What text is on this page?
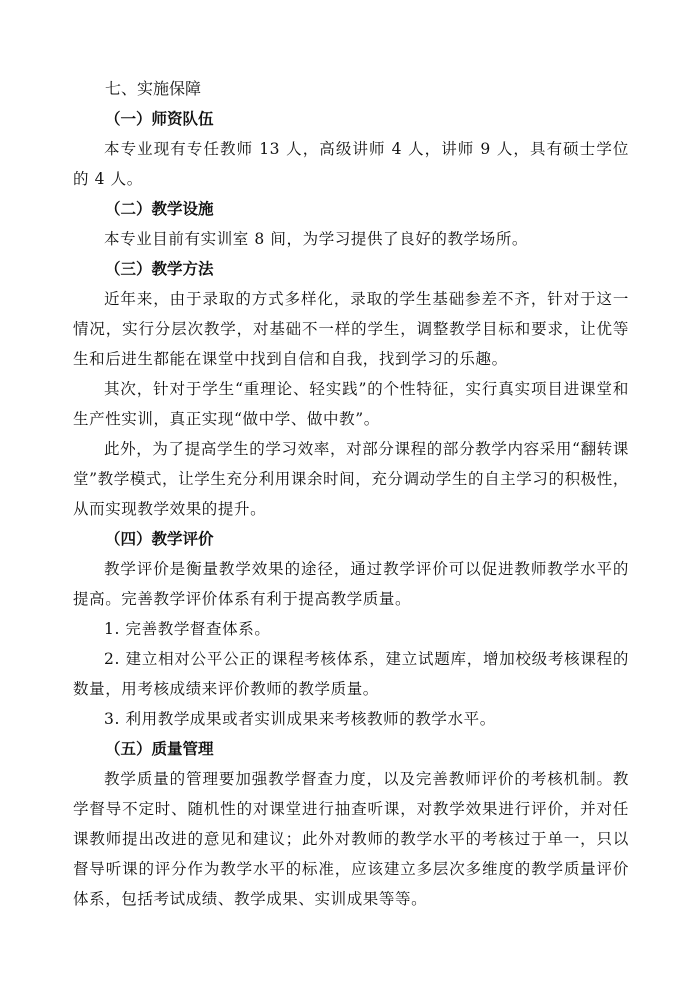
七、实施保障
（一）师资队伍

本专业现有专任教师 13 人，高级讲师 4 人，讲师 9 人，具有硕士学位的 4 人。

（二）教学设施

本专业目前有实训室 8 间，为学习提供了良好的教学场所。

（三）教学方法

近年来，由于录取的方式多样化，录取的学生基础参差不齐，针对于这一情况，实行分层次教学，对基础不一样的学生，调整教学目标和要求，让优等生和后进生都能在课堂中找到自信和自我，找到学习的乐趣。

其次，针对于学生“重理论、轻实践”的个性特征，实行真实项目进课堂和生产性实训，真正实现“做中学、做中教”。

此外，为了提高学生的学习效率，对部分课程的部分教学内容采用“翻转课堂”教学模式，让学生充分利用课余时间，充分调动学生的自主学习的积极性，从而实现教学效果的提升。

（四）教学评价

教学评价是衡量教学效果的途径，通过教学评价可以促进教师教学水平的提高。完善教学评价体系有利于提高教学质量。

1. 完善教学督查体系。

2. 建立相对公平公正的课程考核体系，建立试题库，增加校级考核课程的数量，用考核成绩来评价教师的教学质量。

3. 利用教学成果或者实训成果来考核教师的教学水平。

（五）质量管理

教学质量的管理要加强教学督查力度，以及完善教师评价的考核机制。教学督导不定时、随机性的对课堂进行抽查听课，对教学效果进行评价，并对任课教师提出改进的意见和建议；此外对教师的教学水平的考核过于单一，只以督导听课的评分作为教学水平的标准，应该建立多层次多维度的教学质量评价体系，包括考试成绩、教学成果、实训成果等等。
